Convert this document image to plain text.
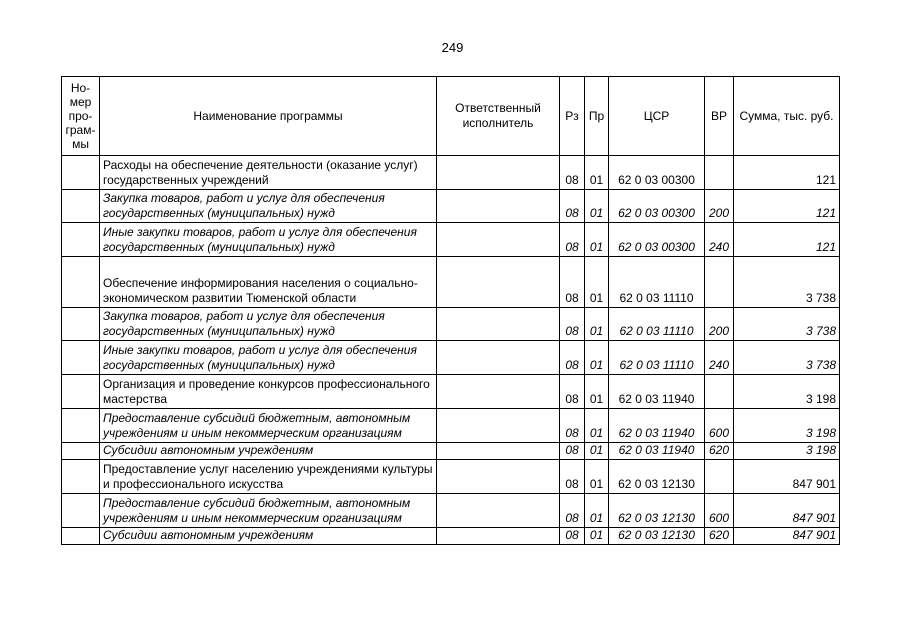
249
Но-
мер
про-
грам-
мы	Наименование программы	Ответственный исполнитель	Рз	Пр	ЦСР	ВР	Сумма, тыс. руб.
	Расходы на обеспечение деятельности (оказание услуг) государственных учреждений		08	01	62 0 03 00300		121
	Закупка товаров, работ и услуг для обеспечения государственных (муниципальных) нужд		08	01	62 0 03 00300	200	121
	Иные закупки товаров, работ и услуг для обеспечения государственных (муниципальных) нужд		08	01	62 0 03 00300	240	121
	Обеспечение информирования населения о социально-экономическом развитии Тюменской области		08	01	62 0 03 11110		3 738
	Закупка товаров, работ и услуг для обеспечения государственных (муниципальных) нужд		08	01	62 0 03 11110	200	3 738
	Иные закупки товаров, работ и услуг для обеспечения государственных (муниципальных) нужд		08	01	62 0 03 11110	240	3 738
	Организация и проведение конкурсов профессионального мастерства		08	01	62 0 03 11940		3 198
	Предоставление субсидий бюджетным, автономным учреждениям и иным некоммерческим организациям		08	01	62 0 03 11940	600	3 198
	Субсидии автономным учреждениям		08	01	62 0 03 11940	620	3 198
	Предоставление услуг населению учреждениями культуры и профессионального искусства		08	01	62 0 03 12130		847 901
	Предоставление субсидий бюджетным, автономным учреждениям и иным некоммерческим организациям		08	01	62 0 03 12130	600	847 901
	Субсидии автономным учреждениям		08	01	62 0 03 12130	620	847 901
